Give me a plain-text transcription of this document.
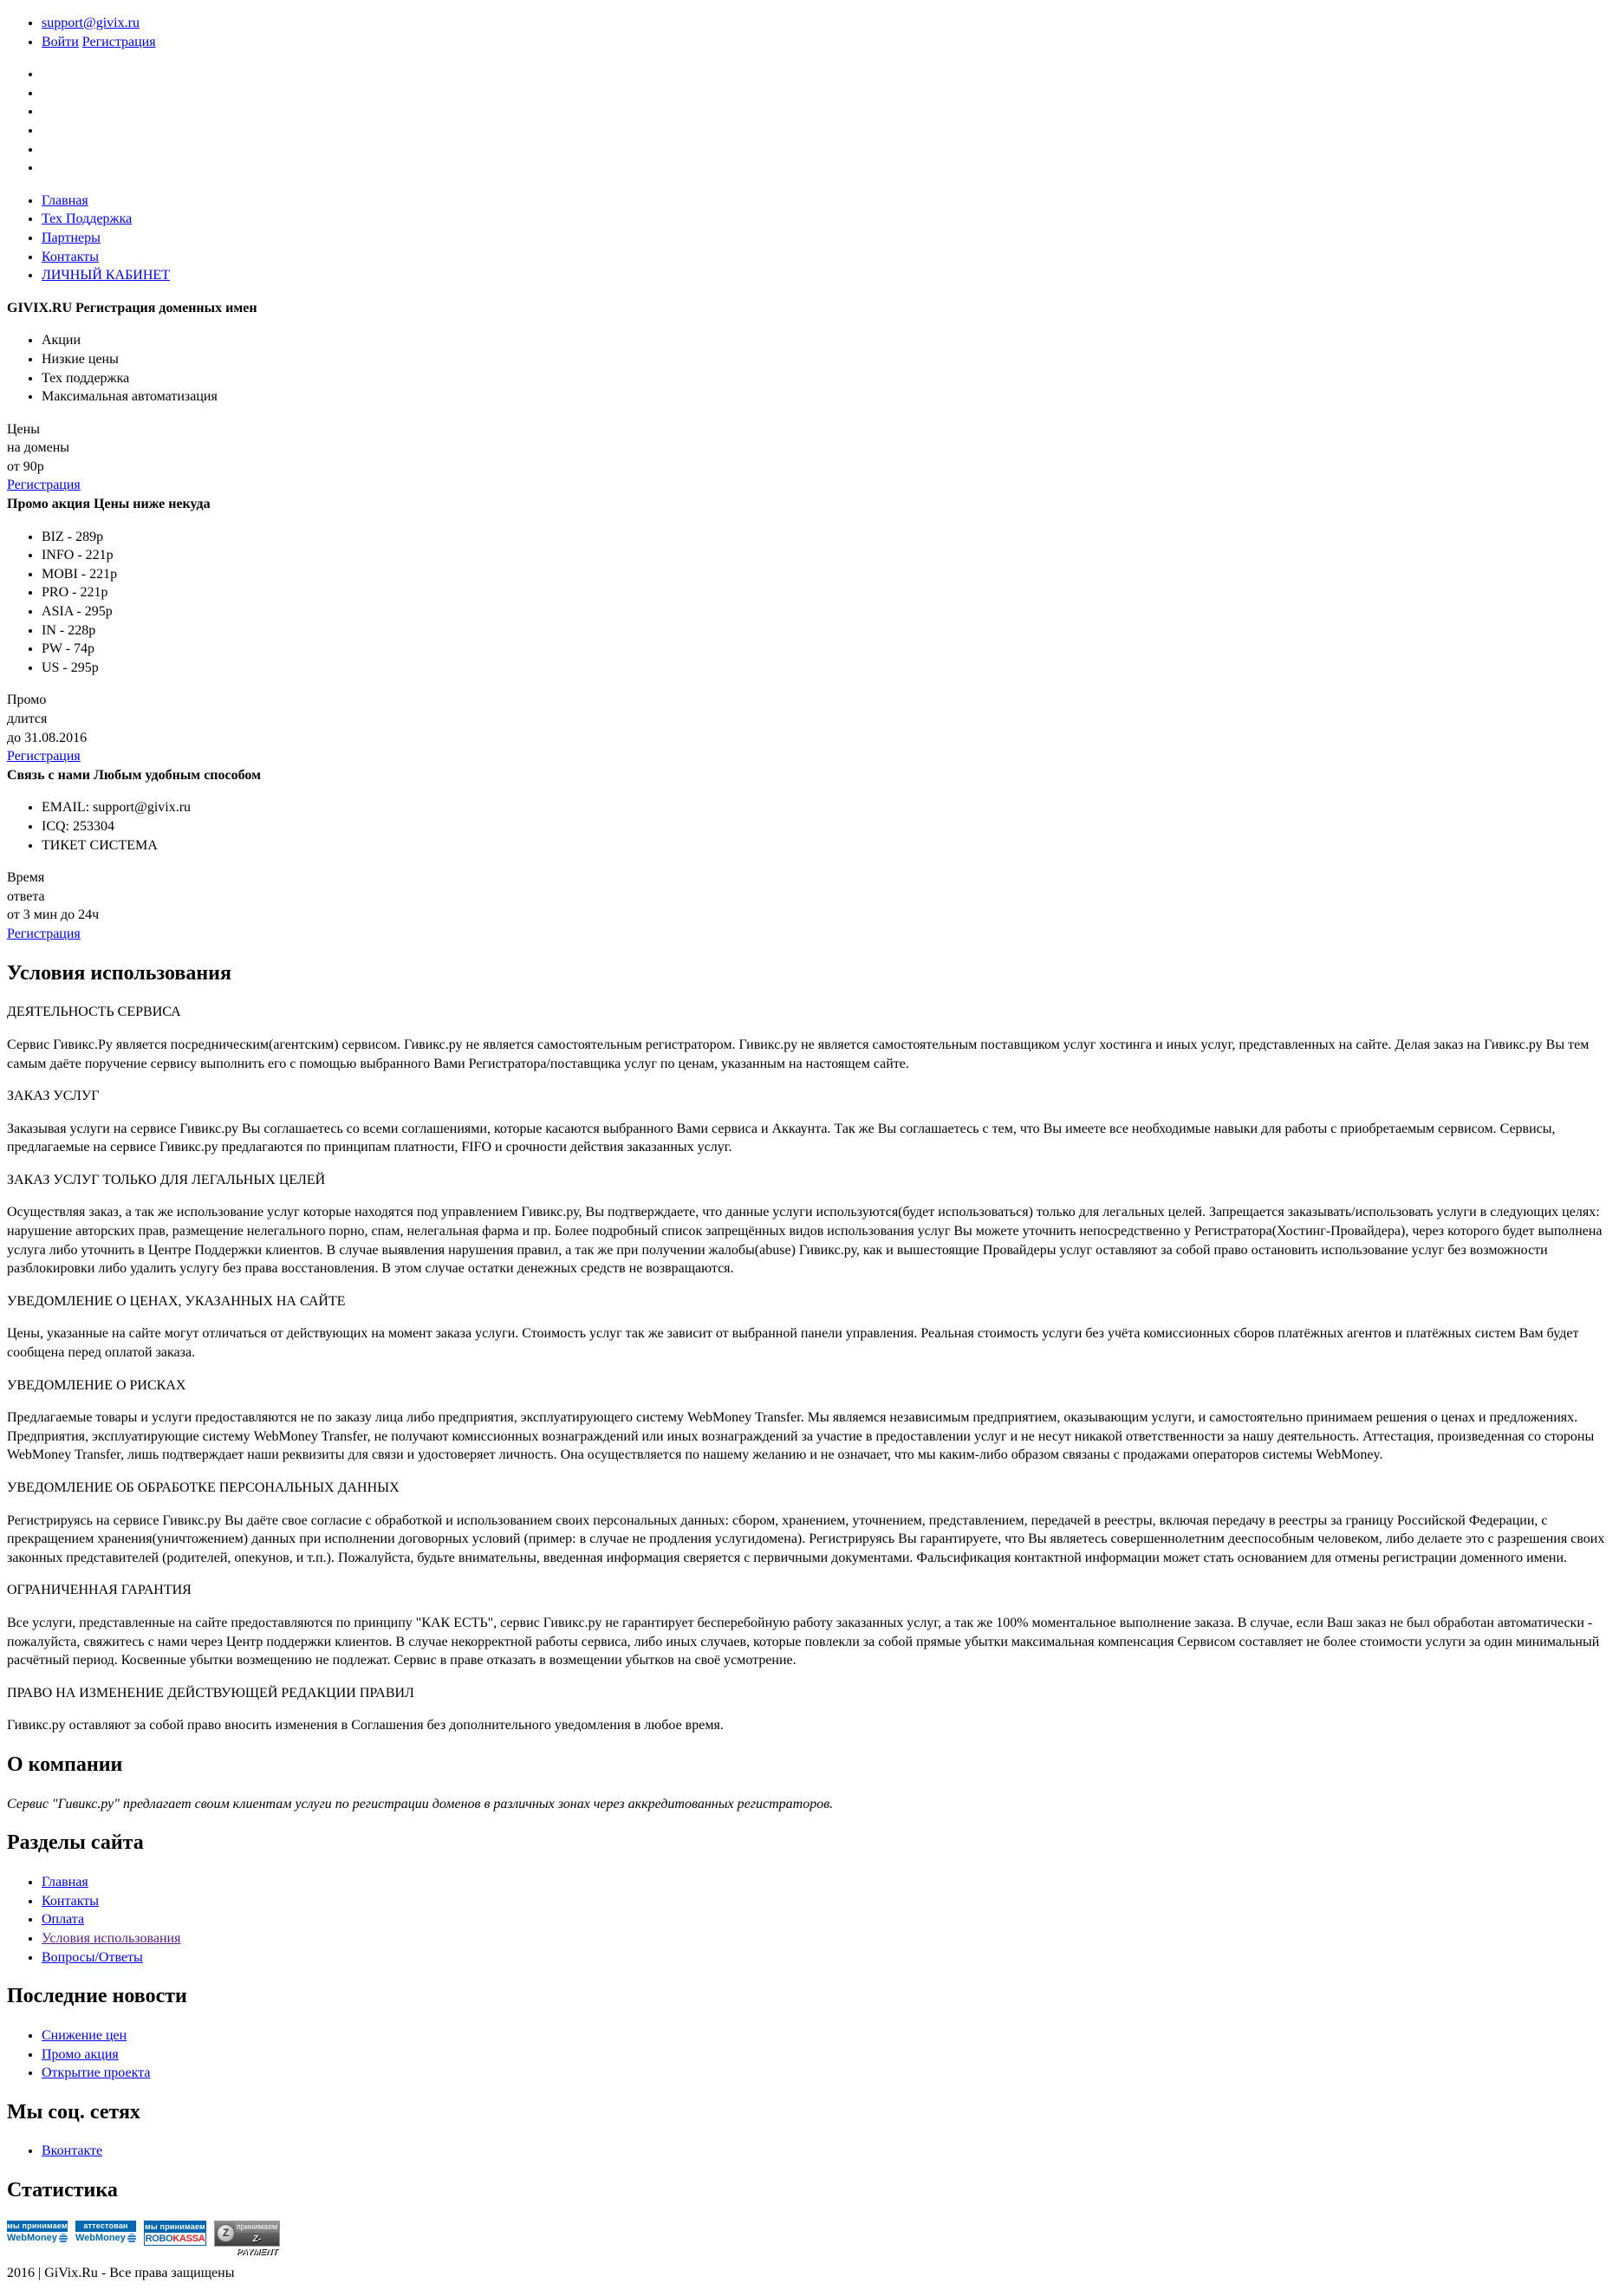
• support@givix.ru
• Войти Регистрация
•
•
•
•
•
•
• Главная
• Тех Поддержка
• Партнеры
• Контакты
• ЛИЧНЫЙ КАБИНЕТ

GIVIX.RU Регистрация доменных имен

• Акции
• Низкие цены
• Тех поддержка
• Максимальная автоматизация

Цены
на домены
от 90р
Регистрация
Промо акция Цены ниже некуда

• BIZ - 289р
• INFO - 221р
• MOBI - 221р
• PRO - 221р
• ASIA - 295р
• IN - 228р
• PW - 74р
• US - 295р

Промо
длится
до 31.08.2016
Регистрация
Связь с нами Любым удобным способом

• EMAIL: support@givix.ru
• ICQ: 253304
• ТИКЕТ СИСТЕМА

Время
ответа
от 3 мин до 24ч
Регистрация

Условия использования

ДЕЯТЕЛЬНОСТЬ СЕРВИСА

Сервис Гивикс.Ру является посредническим(агентским) сервисом. Гивикс.ру не является самостоятельным регистратором. Гивикс.ру не является самостоятельным поставщиком услуг хостинга и иных услуг, представленных на сайте. Делая заказ на Гивикс.ру Вы тем самым даёте поручение сервису выполнить его с помощью выбранного Вами Регистратора/поставщика услуг по ценам, указанным на настоящем сайте.

ЗАКАЗ УСЛУГ

Заказывая услуги на сервисе Гивикс.ру Вы соглашаетесь со всеми соглашениями, которые касаются выбранного Вами сервиса и Аккаунта. Так же Вы соглашаетесь с тем, что Вы имеете все необходимые навыки для работы с приобретаемым сервисом. Сервисы, предлагаемые на сервисе Гивикс.ру предлагаются по принципам платности, FIFO и срочности действия заказанных услуг.

ЗАКАЗ УСЛУГ ТОЛЬКО ДЛЯ ЛЕГАЛЬНЫХ ЦЕЛЕЙ

Осуществляя заказ, а так же использование услуг которые находятся под управлением Гивикс.ру, Вы подтверждаете, что данные услуги используются(будет использоваться) только для легальных целей. Запрещается заказывать/использовать услуги в следующих целях: нарушение авторских прав, размещение нелегального порно, спам, нелегальная фарма и пр. Более подробный список запрещённых видов использования услуг Вы можете уточнить непосредственно у Регистратора(Хостинг-Провайдера), через которого будет выполнена услуга либо уточнить в Центре Поддержки клиентов. В случае выявления нарушения правил, а так же при получении жалобы(abuse) Гивикс.ру, как и вышестоящие Провайдеры услуг оставляют за собой право остановить использование услуг без возможности разблокировки либо удалить услугу без права восстановления. В этом случае остатки денежных средств не возвращаются.

УВЕДОМЛЕНИЕ О ЦЕНАХ, УКАЗАННЫХ НА САЙТЕ

Цены, указанные на сайте могут отличаться от действующих на момент заказа услуги. Стоимость услуг так же зависит от выбранной панели управления. Реальная стоимость услуги без учёта комиссионных сборов платёжных агентов и платёжных систем Вам будет сообщена перед оплатой заказа.

УВЕДОМЛЕНИЕ О РИСКАХ

Предлагаемые товары и услуги предоставляются не по заказу лица либо предприятия, эксплуатирующего систему WebMoney Transfer. Мы являемся независимым предприятием, оказывающим услуги, и самостоятельно принимаем решения о ценах и предложениях. Предприятия, эксплуатирующие систему WebMoney Transfer, не получают комиссионных вознаграждений или иных вознаграждений за участие в предоставлении услуг и не несут никакой ответственности за нашу деятельность. Аттестация, произведенная со стороны WebMoney Transfer, лишь подтверждает наши реквизиты для связи и удостоверяет личность. Она осуществляется по нашему желанию и не означает, что мы каким-либо образом связаны с продажами операторов системы WebMoney.

УВЕДОМЛЕНИЕ ОБ ОБРАБОТКЕ ПЕРСОНАЛЬНЫХ ДАННЫХ

Регистрируясь на сервисе Гивикс.ру Вы даёте свое согласие с обработкой и использованием своих персональных данных: сбором, хранением, уточнением, представлением, передачей в реестры, включая передачу в реестры за границу Российской Федерации, с прекращением хранения(уничтожением) данных при исполнении договорных условий (пример: в случае не продления услугидомена). Регистрируясь Вы гарантируете, что Вы являетесь совершеннолетним дееспособным человеком, либо делаете это с разрешения своих законных представителей (родителей, опекунов, и т.п.). Пожалуйста, будьте внимательны, введенная информация сверяется с первичными документами. Фальсификация контактной информации может стать основанием для отмены регистрации доменного имени.

ОГРАНИЧЕННАЯ ГАРАНТИЯ

Все услуги, представленные на сайте предоставляются по принципу "КАК ЕСТЬ", сервис Гивикс.ру не гарантирует бесперебойную работу заказанных услуг, а так же 100% моментальное выполнение заказа. В случае, если Ваш заказ не был обработан автоматически - пожалуйста, свяжитесь с нами через Центр поддержки клиентов. В случае некорректной работы сервиса, либо иных случаев, которые повлекли за собой прямые убытки максимальная компенсация Сервисом составляет не более стоимости услуги за один минимальный расчётный период. Косвенные убытки возмещению не подлежат. Сервис в праве отказать в возмещении убытков на своё усмотрение.

ПРАВО НА ИЗМЕНЕНИЕ ДЕЙСТВУЮЩЕЙ РЕДАКЦИИ ПРАВИЛ

Гивикс.ру оставляют за собой право вносить изменения в Соглашения без дополнительного уведомления в любое время.

О компании

Сервис "Гивикс.ру" предлагает своим клиентам услуги по регистрации доменов в различных зонах через аккредитованных регистраторов.

Разделы сайта
• Главная
• Контакты
• Оплата
• Условия использования
• Вопросы/Ответы
Последние новости
• Снижение цен
• Промо акция
• Открытие проекта
Мы соц. сетях
• Вконтакте
Статистика
мы принимаем
WebMoney

аттестован
WebMoney

мы принимаем
ROBOKASSA
	Z принимаем
Z-PAYMENT

2016 | GiVix.Ru - Все права защищены
